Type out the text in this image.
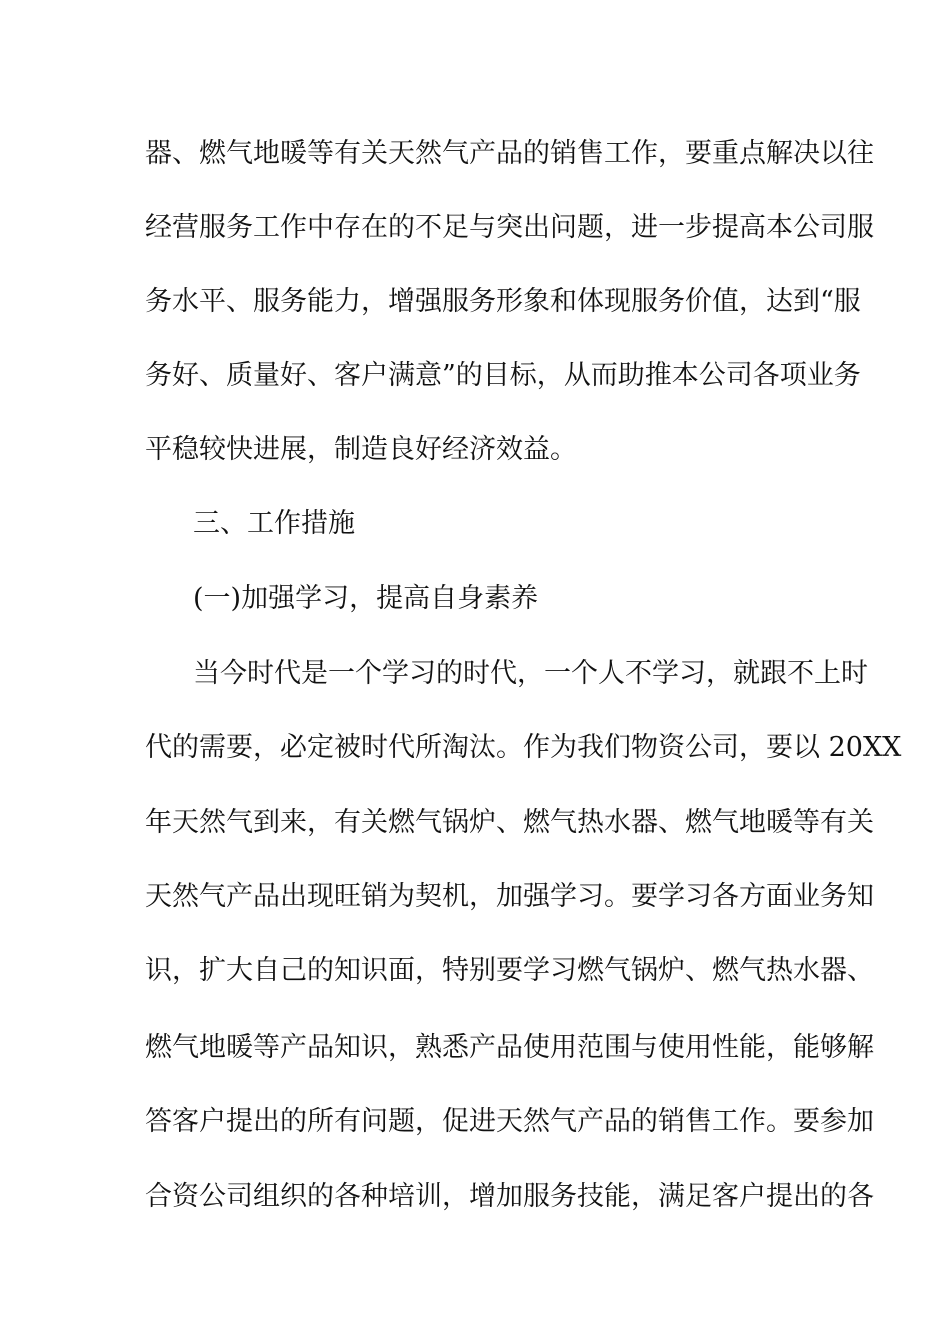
器、燃气地暖等有关天然气产品的销售工作，要重点解决以往
经营服务工作中存在的不足与突出问题，进一步提高本公司服
务水平、服务能力，增强服务形象和体现服务价值，达到“服
务好、质量好、客户满意”的目标，从而助推本公司各项业务
平稳较快进展，制造良好经济效益。
三、工作措施
(一)加强学习，提高自身素养
当今时代是一个学习的时代，一个人不学习，就跟不上时
代的需要，必定被时代所淘汰。作为我们物资公司，要以 20XX
年天然气到来，有关燃气锅炉、燃气热水器、燃气地暖等有关
天然气产品出现旺销为契机，加强学习。要学习各方面业务知
识，扩大自己的知识面，特别要学习燃气锅炉、燃气热水器、
燃气地暖等产品知识，熟悉产品使用范围与使用性能，能够解
答客户提出的所有问题，促进天然气产品的销售工作。要参加
合资公司组织的各种培训，增加服务技能，满足客户提出的各
